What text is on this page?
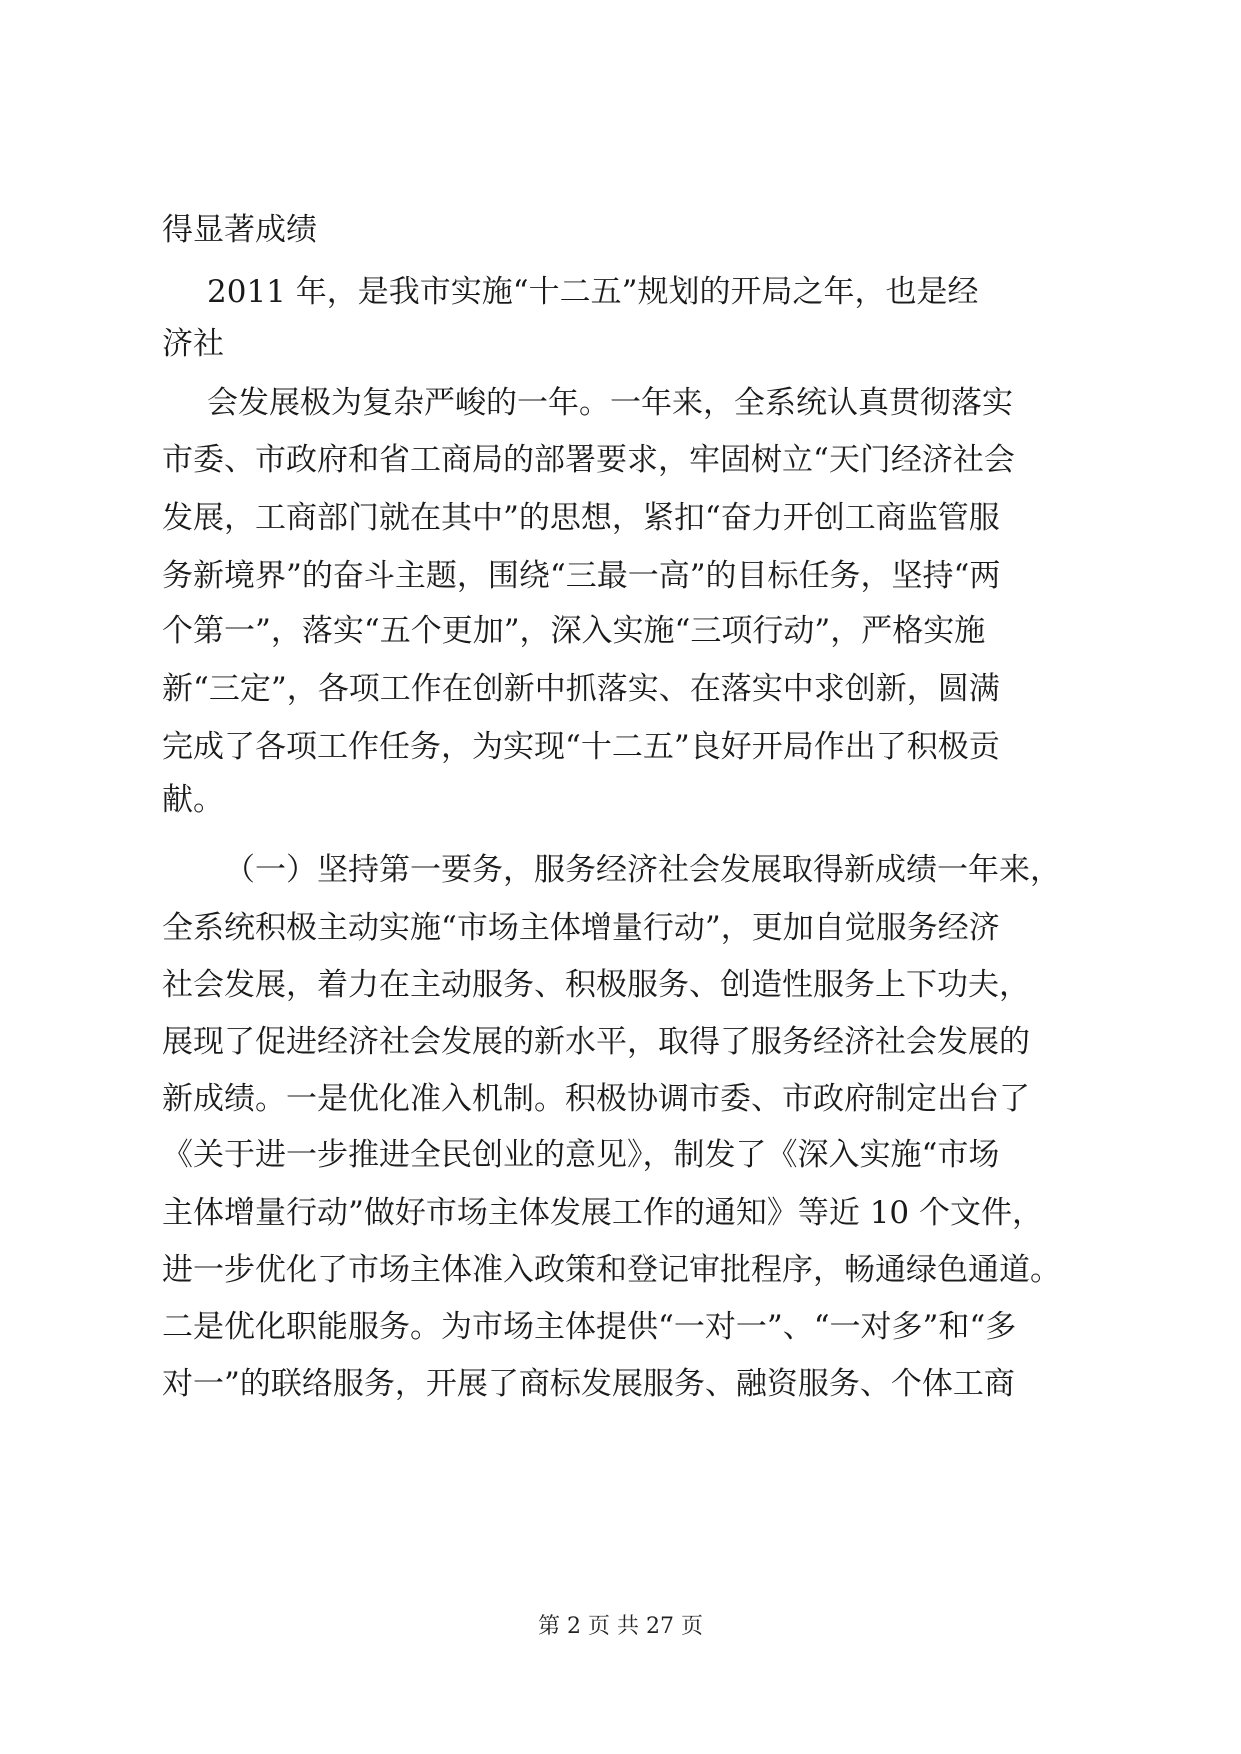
得显著成绩
2011 年，是我市实施“十二五”规划的开局之年，也是经
济社
会发展极为复杂严峻的一年。一年来，全系统认真贯彻落实
市委、市政府和省工商局的部署要求，牢固树立“天门经济社会
发展，工商部门就在其中”的思想，紧扣“奋力开创工商监管服
务新境界”的奋斗主题，围绕“三最一高”的目标任务，坚持“两
个第一”，落实“五个更加”，深入实施“三项行动”，严格实施
新“三定”，各项工作在创新中抓落实、在落实中求创新，圆满
完成了各项工作任务，为实现“十二五”良好开局作出了积极贡
献。
（一）坚持第一要务，服务经济社会发展取得新成绩一年来，
全系统积极主动实施“市场主体增量行动”，更加自觉服务经济
社会发展，着力在主动服务、积极服务、创造性服务上下功夫，
展现了促进经济社会发展的新水平，取得了服务经济社会发展的
新成绩。一是优化准入机制。积极协调市委、市政府制定出台了
《关于进一步推进全民创业的意见》，制发了《深入实施“市场
主体增量行动”做好市场主体发展工作的通知》等近 10 个文件，
进一步优化了市场主体准入政策和登记审批程序，畅通绿色通道。
二是优化职能服务。为市场主体提供“一对一”、“一对多”和“多
对一”的联络服务，开展了商标发展服务、融资服务、个体工商
第 2 页 共 27 页
